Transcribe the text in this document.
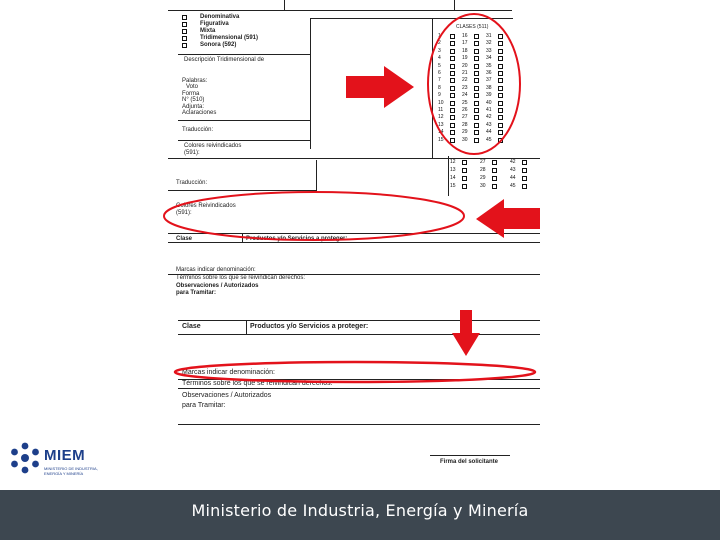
Denominativa
Figurativa
Mixta
Tridimensional (591)
Sonora (592)
Descripción Tridimensional de
Palabras:
Voto
Forma
N° (510)
Adjunta:
Aclaraciones
Traducción:
Colores reivindicados
(591):
CLASES (511)
1	16	31
2	17	32
3	18	33
4	19	34
5	20	35
6	21	36
7	22	37
8	23	38
9	24	39
10	25	40
11	26	41
12	27	42
13	28	43
14	29	44
15	30	45
12	27	42
13	28	43
14	29	44
15	30	45
Traducción:
Colores Reivindicados
(591):
Clase	Productos y/o Servicios a proteger:
Marcas indicar denominación:
Términos sobre los que se reivindican derechos:
Observaciones / Autorizados
para Tramitar:
Clase	Productos y/o Servicios a proteger:
Marcas indicar denominación:
Términos sobre los que se reivindican derechos:
Observaciones / Autorizados
para Tramitar:
Firma del solicitante
MIEM
MINISTERIO DE INDUSTRIA,
ENERGÍA Y MINERÍA
Ministerio de Industria, Energía y Minería
